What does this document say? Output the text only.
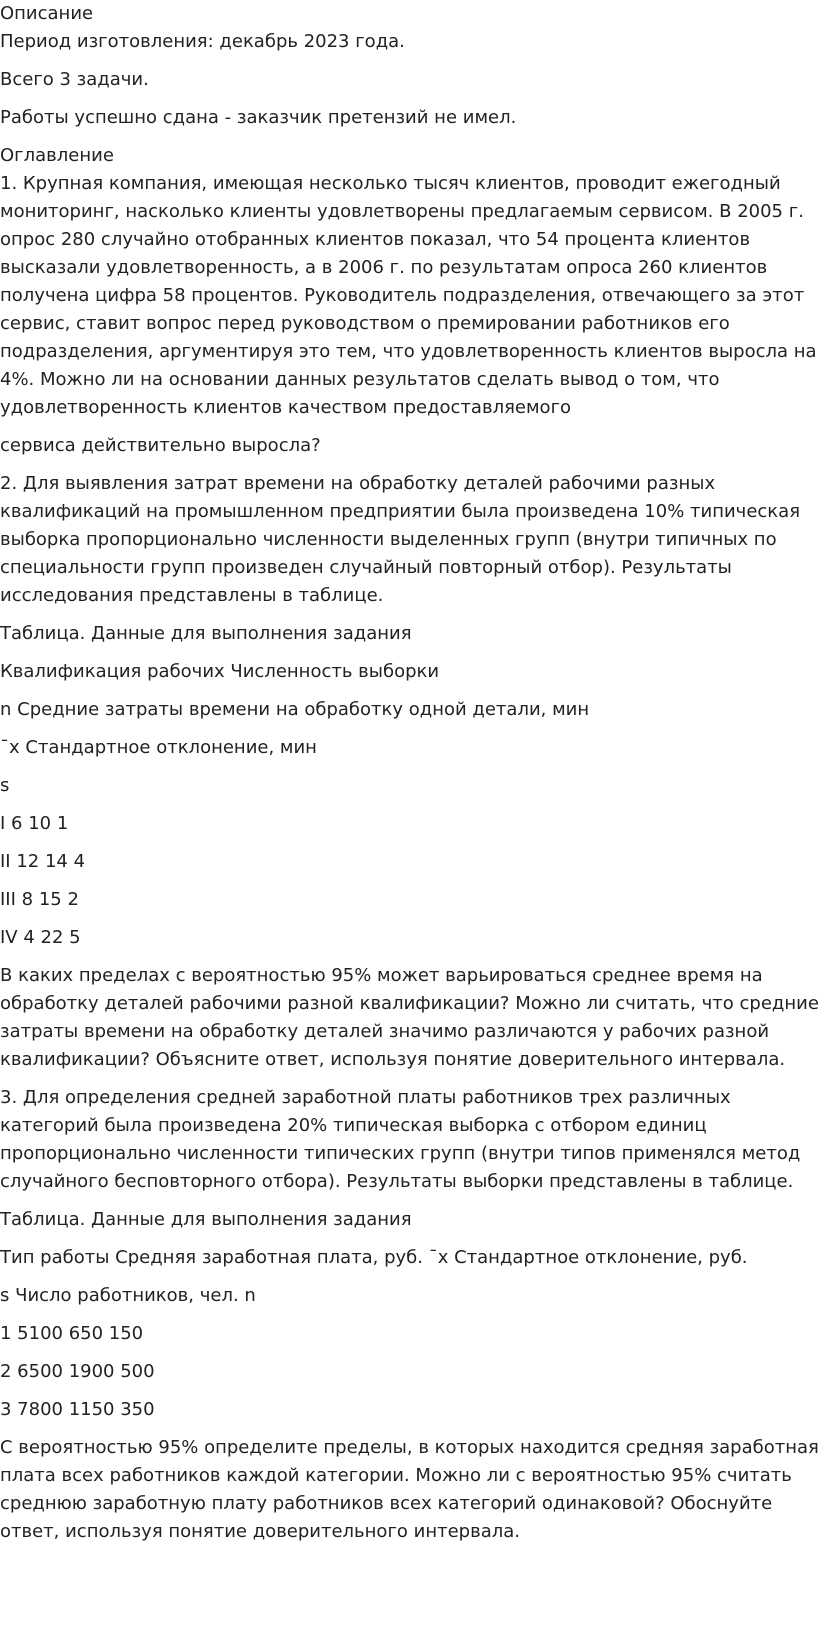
Описание

Период изготовления: декабрь 2023 года.

Всего 3 задачи.

Работы успешно сдана - заказчик претензий не имел.

Оглавление

1. Крупная компания, имеющая несколько тысяч клиентов, проводит ежегодный мониторинг, насколько клиенты удовлетворены предлагаемым сервисом. В 2005 г. опрос 280 случайно отобранных клиентов показал, что 54 процента клиентов высказали удовлетворенность, а в 2006 г. по результатам опроса 260 клиентов получена цифра 58 процентов. Руководитель подразделения, отвечающего за этот сервис, ставит вопрос перед руководством о премировании работников его подразделения, аргументируя это тем, что удовлетворенность клиентов выросла на 4%. Можно ли на основании данных результатов сделать вывод о том, что удовлетворенность клиентов качеством предоставляемого

сервиса действительно выросла?

2. Для выявления затрат времени на обработку деталей рабочими разных квалификаций на промышленном предприятии была произведена 10% типическая выборка пропорционально численности выделенных групп (внутри типичных по специальности групп произведен случайный повторный отбор). Результаты исследования представлены в таблице.

Таблица. Данные для выполнения задания

Квалификация рабочих Численность выборки

n Средние затраты времени на обработку одной детали, мин

¯x Стандартное отклонение, мин

s

I 6 10 1

II 12 14 4

III 8 15 2

IV 4 22 5

В каких пределах с вероятностью 95% может варьироваться среднее время на обработку деталей рабочими разной квалификации? Можно ли считать, что средние затраты времени на обработку деталей значимо различаются у рабочих разной квалификации? Объясните ответ, используя понятие доверительного интервала.

3. Для определения средней заработной платы работников трех различных категорий была произведена 20% типическая выборка с отбором единиц пропорционально численности типических групп (внутри типов применялся метод случайного бесповторного отбора). Результаты выборки представлены в таблице.

Таблица. Данные для выполнения задания

Тип работы Средняя заработная плата, руб. ¯x Стандартное отклонение, руб.

s Число работников, чел. n

1 5100 650 150

2 6500 1900 500

3 7800 1150 350

С вероятностью 95% определите пределы, в которых находится средняя заработная плата всех работников каждой категории. Можно ли с вероятностью 95% считать среднюю заработную плату работников всех категорий одинаковой? Обоснуйте ответ, используя понятие доверительного интервала.
